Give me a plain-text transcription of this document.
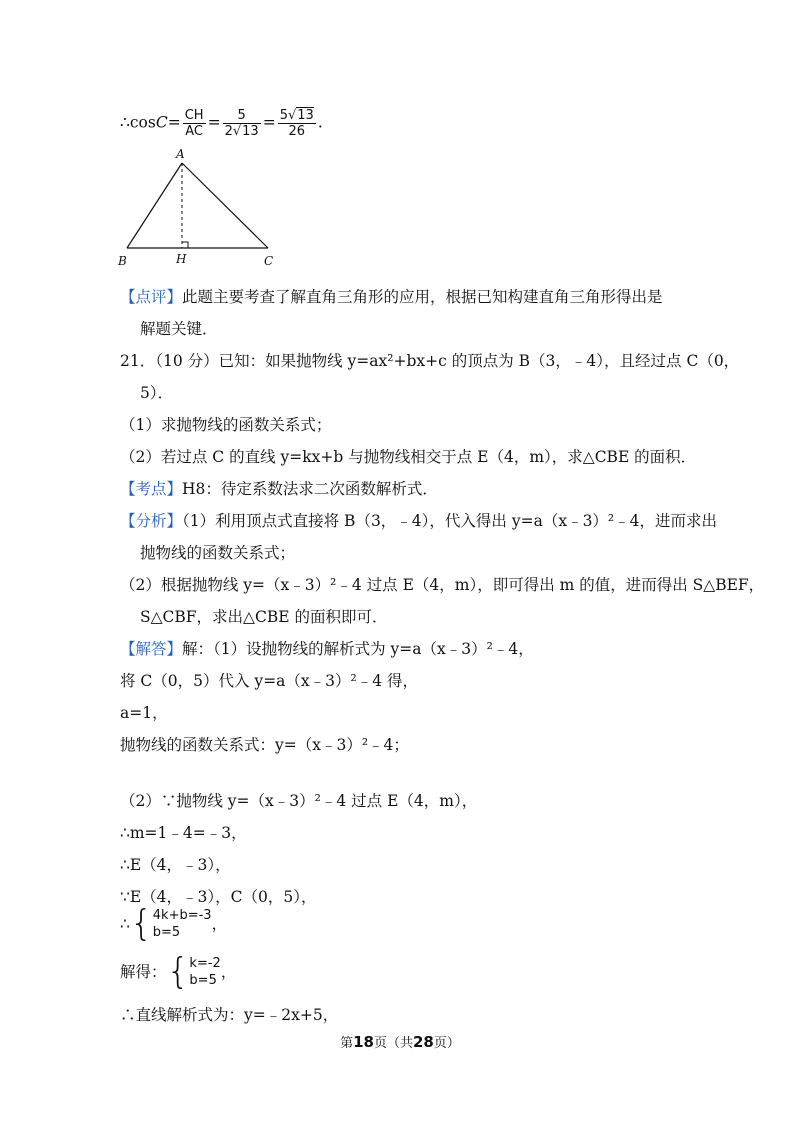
∴cosC= $\frac{CH}{AC} = \frac{5}{2√13} = \frac{5√13}{26}$ .
A
B	H	C
【点评】此题主要考查了解直角三角形的应用，根据已知构建直角三角形得出是
解题关键．
21．（10 分）已知：如果抛物线 y=ax²+bx+c 的顶点为 B（3，﹣4），且经过点 C（0，
5）．
（1）求抛物线的函数关系式；
（2）若过点 C 的直线 y=kx+b 与抛物线相交于点 E（4，m），求△CBE 的面积．
【考点】H8：待定系数法求二次函数解析式．
【分析】（1）利用顶点式直接将 B（3，﹣4），代入得出 y=a（x﹣3）²﹣4，进而求出
抛物线的函数关系式；
（2）根据抛物线 y=（x﹣3）²﹣4 过点 E（4，m），即可得出 m 的值，进而得出 S△BEF，
S△CBF，求出△CBE 的面积即可．
【解答】解：（1）设抛物线的解析式为 y=a（x﹣3）²﹣4，
将 C（0，5）代入 y=a（x﹣3）²﹣4 得，
a=1，
抛物线的函数关系式：y=（x﹣3）²﹣4；
（2）∵抛物线 y=（x﹣3）²﹣4 过点 E（4，m），
∴m=1﹣4=﹣3，
∴E（4，﹣3），
∵E（4，﹣3），C（0，5），
∴ { 4k+b=-3
b=5	，
解得： { k=-2
b=5 ，
∴直线解析式为：y=﹣2x+5，
第18页（共28页）
